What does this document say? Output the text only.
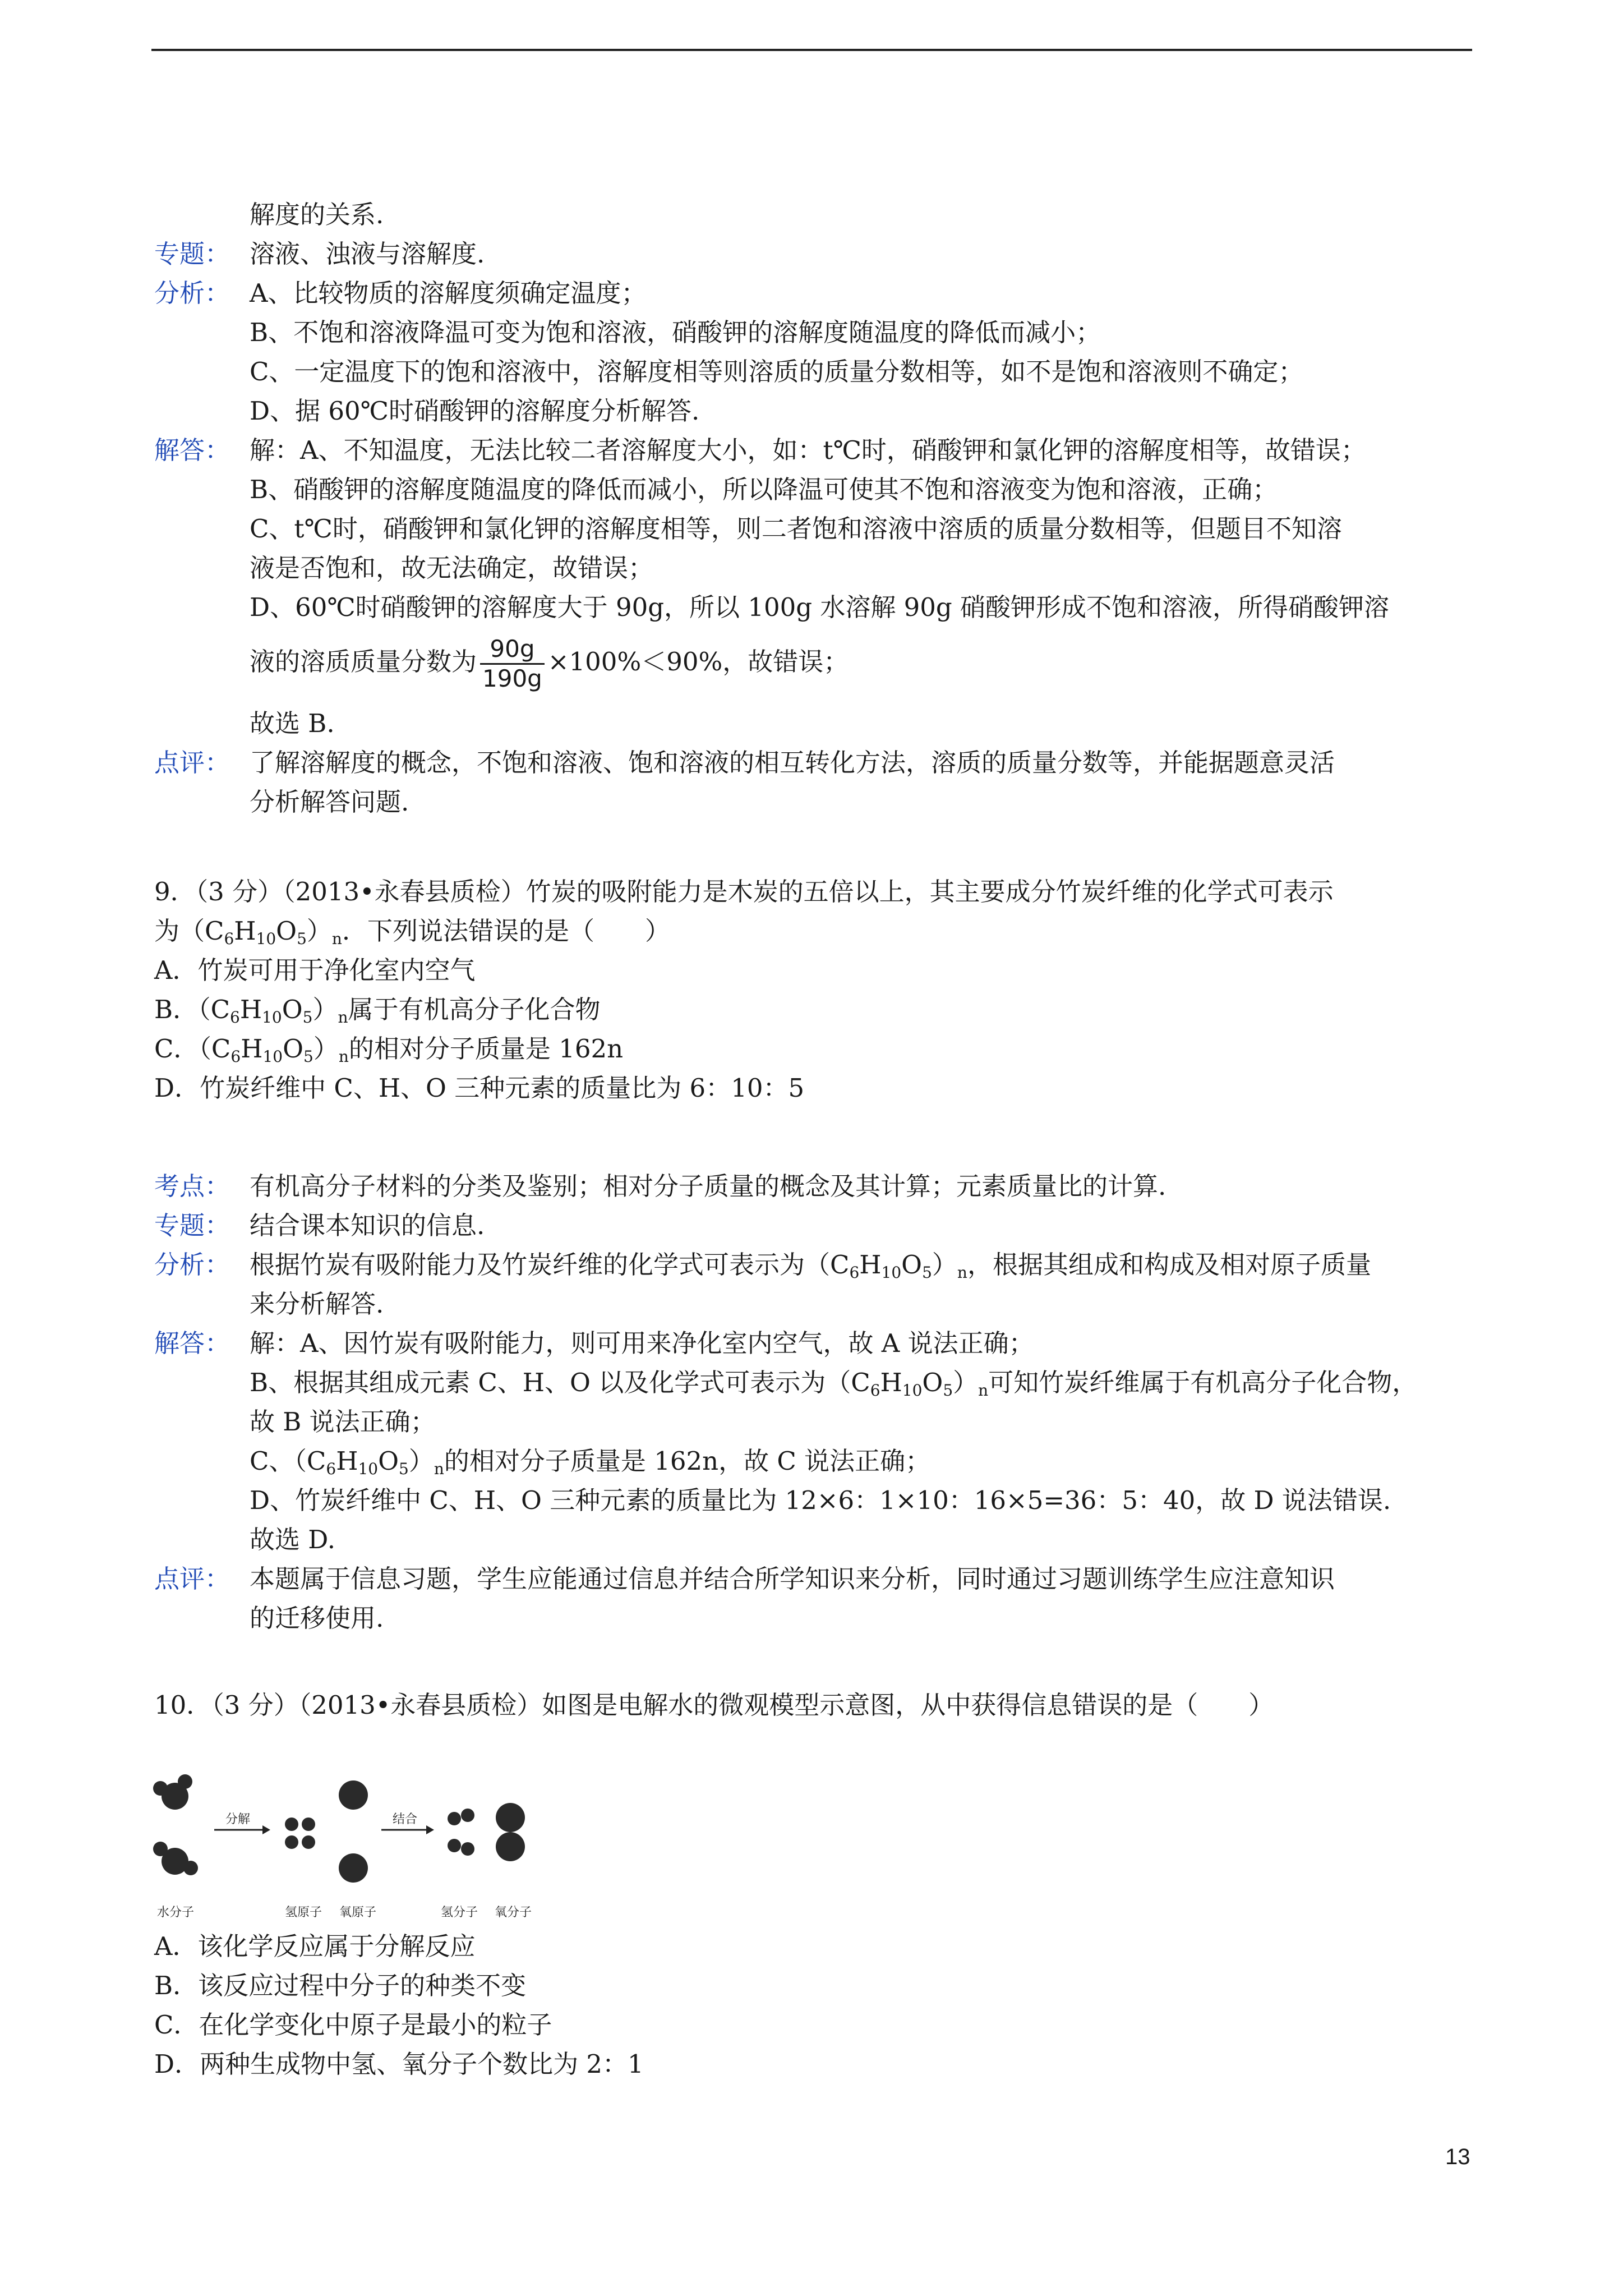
解度的关系.
专题： 溶液、浊液与溶解度.
分析： A、比较物质的溶解度须确定温度；
B、不饱和溶液降温可变为饱和溶液，硝酸钾的溶解度随温度的降低而减小；
C、一定温度下的饱和溶液中，溶解度相等则溶质的质量分数相等，如不是饱和溶液则不确定；
D、据 60℃时硝酸钾的溶解度分析解答.
解答： 解：A、不知温度，无法比较二者溶解度大小，如：t℃时，硝酸钾和氯化钾的溶解度相等，故错误；
B、硝酸钾的溶解度随温度的降低而减小，所以降温可使其不饱和溶液变为饱和溶液，正确；
C、t℃时，硝酸钾和氯化钾的溶解度相等，则二者饱和溶液中溶质的质量分数相等，但题目不知溶
液是否饱和，故无法确定，故错误；
D、60℃时硝酸钾的溶解度大于 90g，所以 100g 水溶解 90g 硝酸钾形成不饱和溶液，所得硝酸钾溶
液的溶质质量分数为 $\frac{90g}{190g} \times 100\%<90\%$，故错误；
故选 B.
点评： 了解溶解度的概念，不饱和溶液、饱和溶液的相互转化方法，溶质的质量分数等，并能据题意灵活
分析解答问题.
9．（3 分）（2013•永春县质检）竹炭的吸附能力是木炭的五倍以上，其主要成分竹炭纤维的化学式可表示
为$(C_6H_{10}O_5)_n$．下列说法错误的是（　　）
A．竹炭可用于净化室内空气
B．$(C_6H_{10}O_5)_n$属于有机高分子化合物
C．$(C_6H_{10}O_5)_n$的相对分子质量是 162n
D．竹炭纤维中 C、H、O 三种元素的质量比为 6：10：5
考点： 有机高分子材料的分类及鉴别；相对分子质量的概念及其计算；元素质量比的计算.
专题： 结合课本知识的信息.
分析： 根据竹炭有吸附能力及竹炭纤维的化学式可表示为$(C_6H_{10}O_5)_n$，根据其组成和构成及相对原子质量
来分析解答.
解答： 解：A、因竹炭有吸附能力，则可用来净化室内空气，故 A 说法正确；
B、根据其组成元素 C、H、O 以及化学式可表示为$(C_6H_{10}O_5)_n$可知竹炭纤维属于有机高分子化合物，
故 B 说法正确；
C、$(C_6H_{10}O_5)_n$的相对分子质量是 162n，故 C 说法正确；
D、竹炭纤维中 C、H、O 三种元素的质量比为 12×6：1×10：16×5=36：5：40，故 D 说法错误.
故选 D.
点评： 本题属于信息习题，学生应能通过信息并结合所学知识来分析，同时通过习题训练学生应注意知识
的迁移使用.
10．（3 分）（2013•永春县质检）如图是电解水的微观模型示意图，从中获得信息错误的是（　　）
分解	结合
水分子	氢原子 氧原子	氢分子 氧分子
A．该化学反应属于分解反应
B．该反应过程中分子的种类不变
C．在化学变化中原子是最小的粒子
D．两种生成物中氢、氧分子个数比为 2：1
13
